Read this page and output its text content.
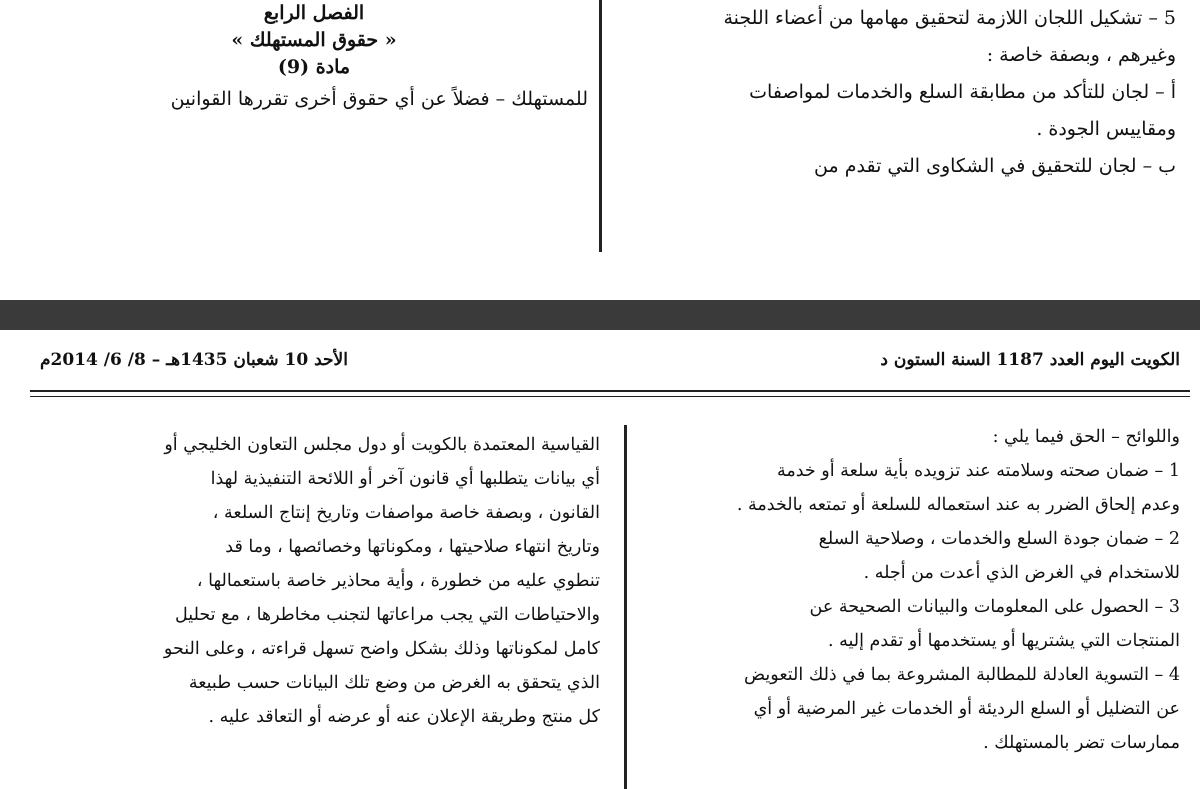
الفصل الرابع
« حقوق المستهلك »
مادة (9)
للمستهلك – فضلاً عن أي حقوق أخرى تقررها القوانين
5 – تشكيل اللجان اللازمة لتحقيق مهامها من أعضاء اللجنة
وغيرهم ، وبصفة خاصة :
أ – لجان للتأكد من مطابقة السلع والخدمات لمواصفات
ومقاييس الجودة .
ب – لجان للتحقيق في الشكاوى التي تقدم من
الأحد 10 شعبان 1435هـ – 8/ 6/ 2014م	الكويت اليوم العدد 1187 السنة الستون د
واللوائح – الحق فيما يلي :
1 – ضمان صحته وسلامته عند تزويده بأية سلعة أو خدمة
وعدم إلحاق الضرر به عند استعماله للسلعة أو تمتعه بالخدمة .
2 – ضمان جودة السلع والخدمات ، وصلاحية السلع
للاستخدام في الغرض الذي أعدت من أجله .
3 – الحصول على المعلومات والبيانات الصحيحة عن
المنتجات التي يشتريها أو يستخدمها أو تقدم إليه .
4 – التسوية العادلة للمطالبة المشروعة بما في ذلك التعويض
عن التضليل أو السلع الرديئة أو الخدمات غير المرضية أو أي
ممارسات تضر بالمستهلك .
القياسية المعتمدة بالكويت أو دول مجلس التعاون الخليجي أو
أي بيانات يتطلبها أي قانون آخر أو اللائحة التنفيذية لهذا
القانون ، وبصفة خاصة مواصفات وتاريخ إنتاج السلعة ،
وتاريخ انتهاء صلاحيتها ، ومكوناتها وخصائصها ، وما قد
تنطوي عليه من خطورة ، وأية محاذير خاصة باستعمالها ،
والاحتياطات التي يجب مراعاتها لتجنب مخاطرها ، مع تحليل
كامل لمكوناتها وذلك بشكل واضح تسهل قراءته ، وعلى النحو
الذي يتحقق به الغرض من وضع تلك البيانات حسب طبيعة
كل منتج وطريقة الإعلان عنه أو عرضه أو التعاقد عليه .
